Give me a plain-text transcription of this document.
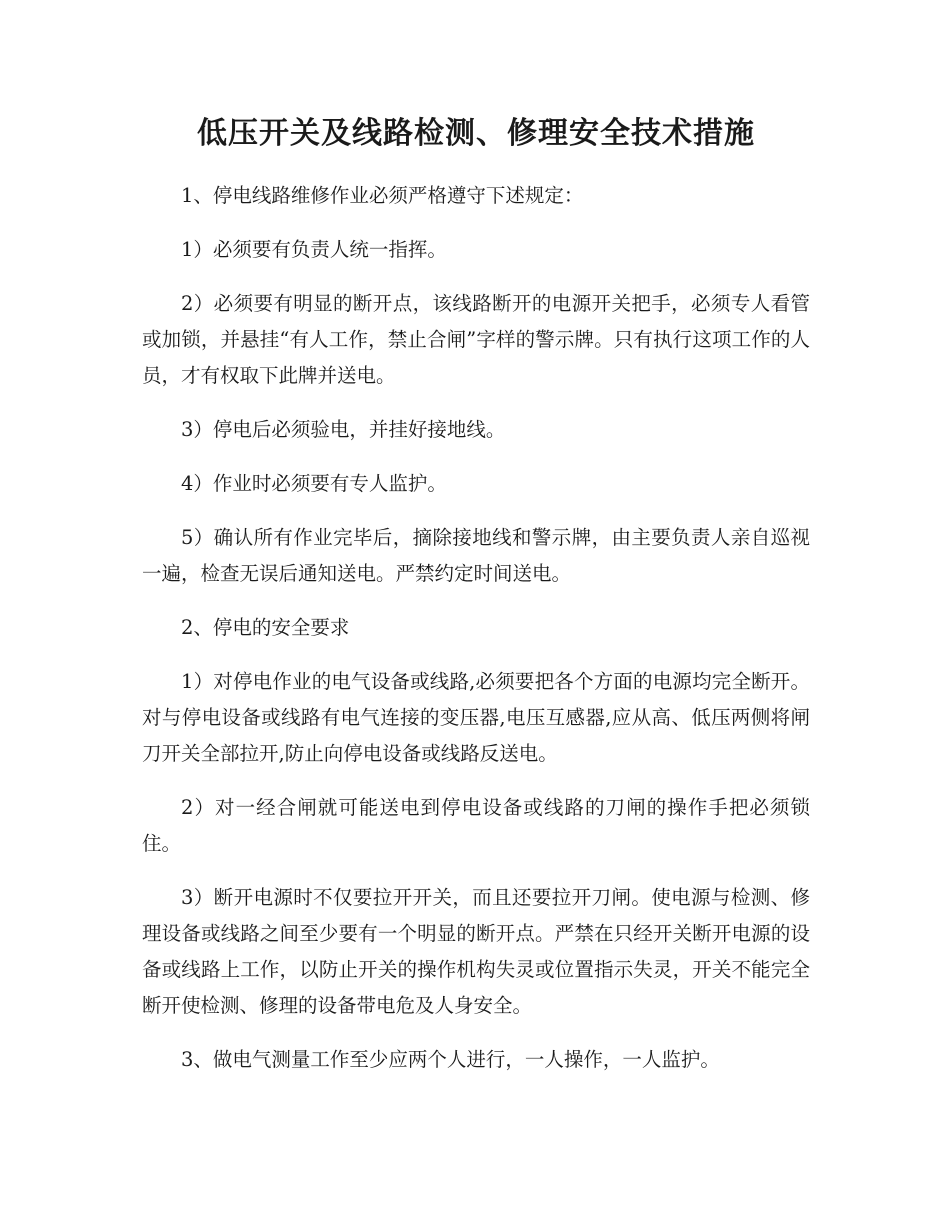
低压开关及线路检测、修理安全技术措施

1、停电线路维修作业必须严格遵守下述规定：

1）必须要有负责人统一指挥。

2）必须要有明显的断开点，该线路断开的电源开关把手，必须专人看管或加锁，并悬挂“有人工作，禁止合闸”字样的警示牌。只有执行这项工作的人员，才有权取下此牌并送电。

3）停电后必须验电，并挂好接地线。

4）作业时必须要有专人监护。

5）确认所有作业完毕后，摘除接地线和警示牌，由主要负责人亲自巡视一遍，检查无误后通知送电。严禁约定时间送电。

2、停电的安全要求

1）对停电作业的电气设备或线路,必须要把各个方面的电源均完全断开。对与停电设备或线路有电气连接的变压器,电压互感器,应从高、低压两侧将闸刀开关全部拉开,防止向停电设备或线路反送电。

2）对一经合闸就可能送电到停电设备或线路的刀闸的操作手把必须锁住。

3）断开电源时不仅要拉开开关，而且还要拉开刀闸。使电源与检测、修理设备或线路之间至少要有一个明显的断开点。严禁在只经开关断开电源的设备或线路上工作，以防止开关的操作机构失灵或位置指示失灵，开关不能完全断开使检测、修理的设备带电危及人身安全。

3、做电气测量工作至少应两个人进行，一人操作，一人监护。
